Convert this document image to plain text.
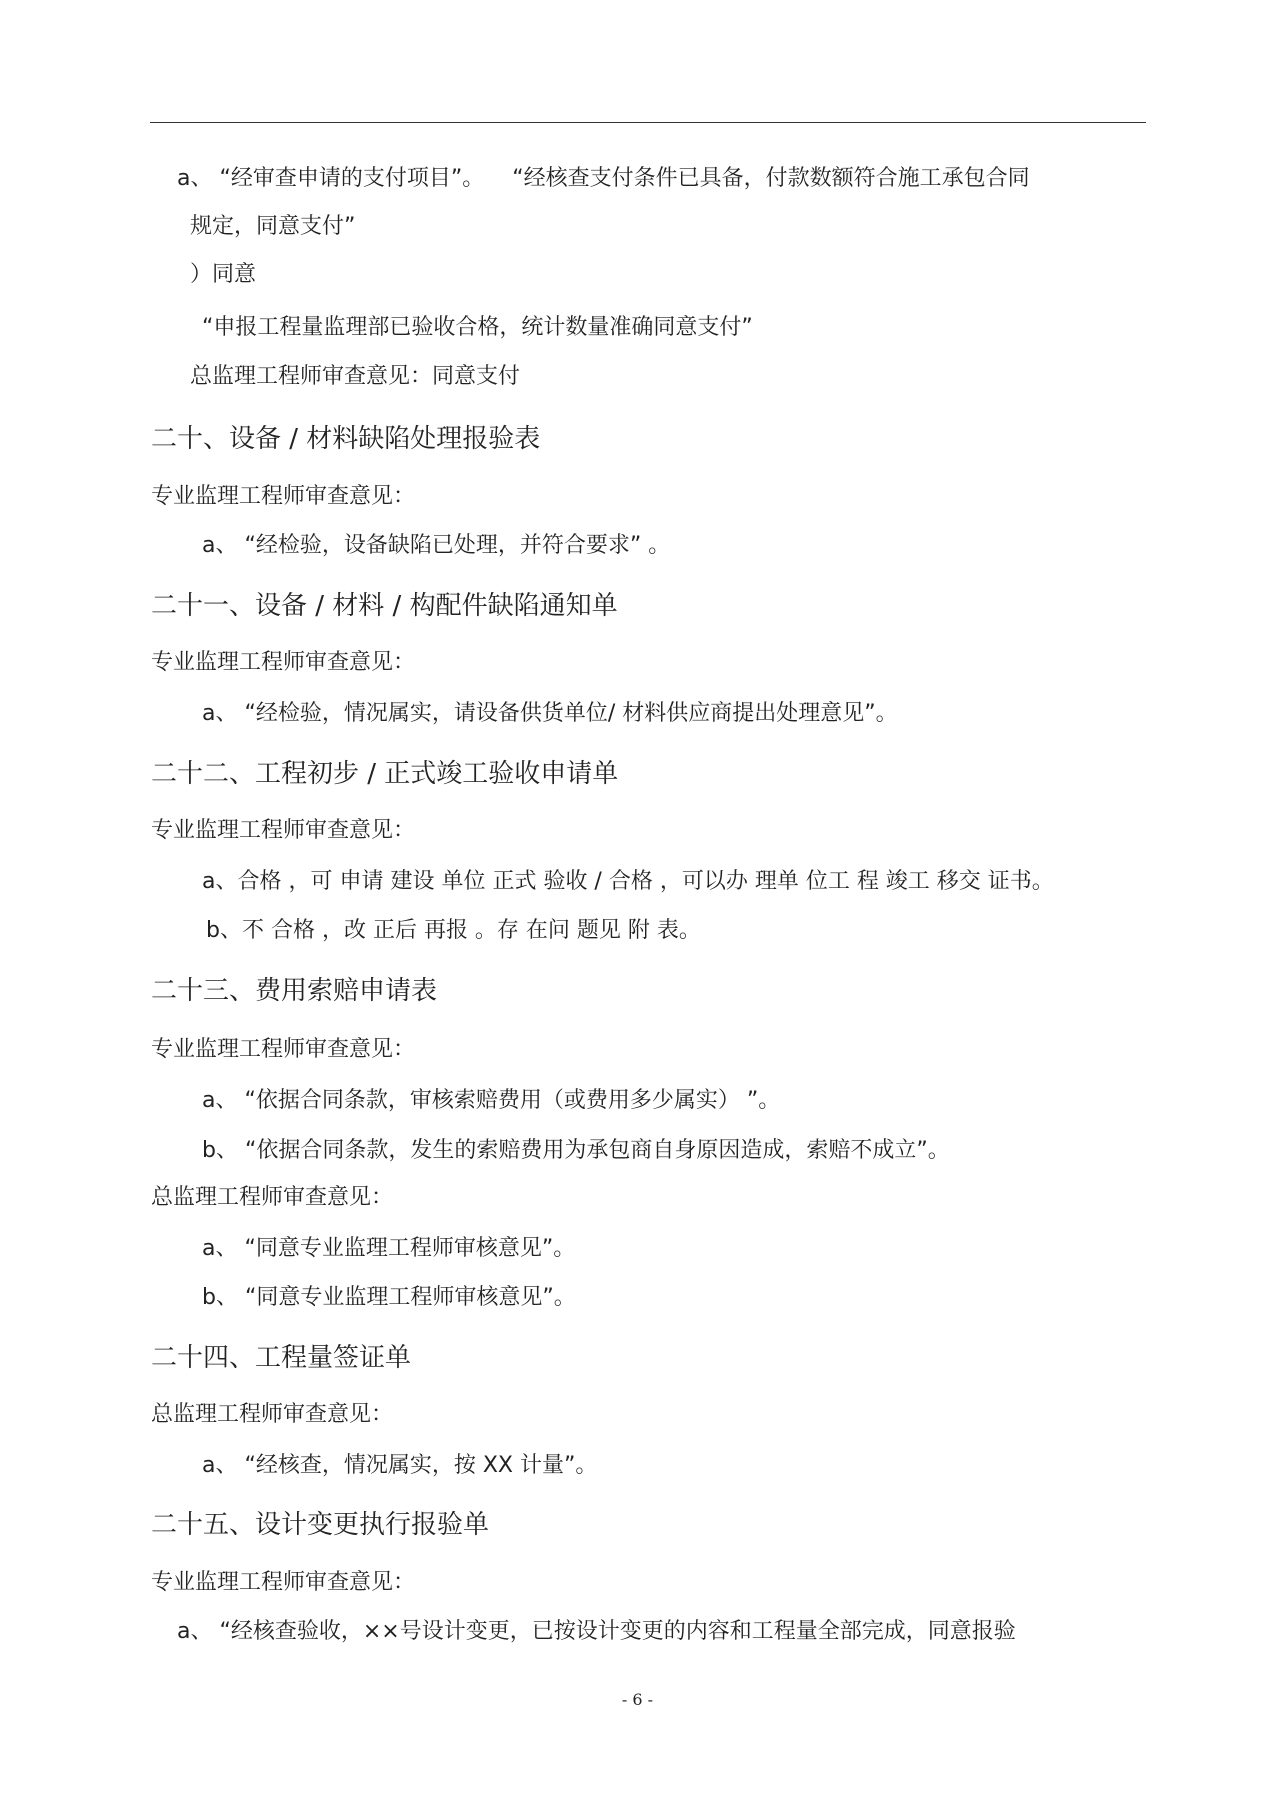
a、 “经审查申请的支付项目”。    “经核查支付条件已具备，付款数额符合施工承包合同
规定，同意支付”
）同意
“申报工程量监理部已验收合格，统计数量准确同意支付”
总监理工程师审查意见：同意支付
二十、设备 / 材料缺陷处理报验表
专业监理工程师审查意见：
a、 “经检验，设备缺陷已处理，并符合要求” 。
二十一、设备 / 材料 / 构配件缺陷通知单
专业监理工程师审查意见：
a、 “经检验，情况属实，请设备供货单位/ 材料供应商提出处理意见”。
二十二、工程初步 / 正式竣工验收申请单
专业监理工程师审查意见：
a、合格 ，可 申请 建设 单位 正式 验收 / 合格 ，可以办 理单 位工 程 竣工 移交 证书。
b、不 合格 ，改 正后 再报 。存 在问 题见 附 表。
二十三、费用索赔申请表
专业监理工程师审查意见：
a、 “依据合同条款，审核索赔费用（或费用多少属实） ”。
b、 “依据合同条款，发生的索赔费用为承包商自身原因造成，索赔不成立”。
总监理工程师审查意见：
a、 “同意专业监理工程师审核意见”。
b、 “同意专业监理工程师审核意见”。
二十四、工程量签证单
总监理工程师审查意见：
a、 “经核查，情况属实，按 XX 计量”。
二十五、设计变更执行报验单
专业监理工程师审查意见：
a、 “经核查验收，××号设计变更，已按设计变更的内容和工程量全部完成，同意报验
- 6 -
